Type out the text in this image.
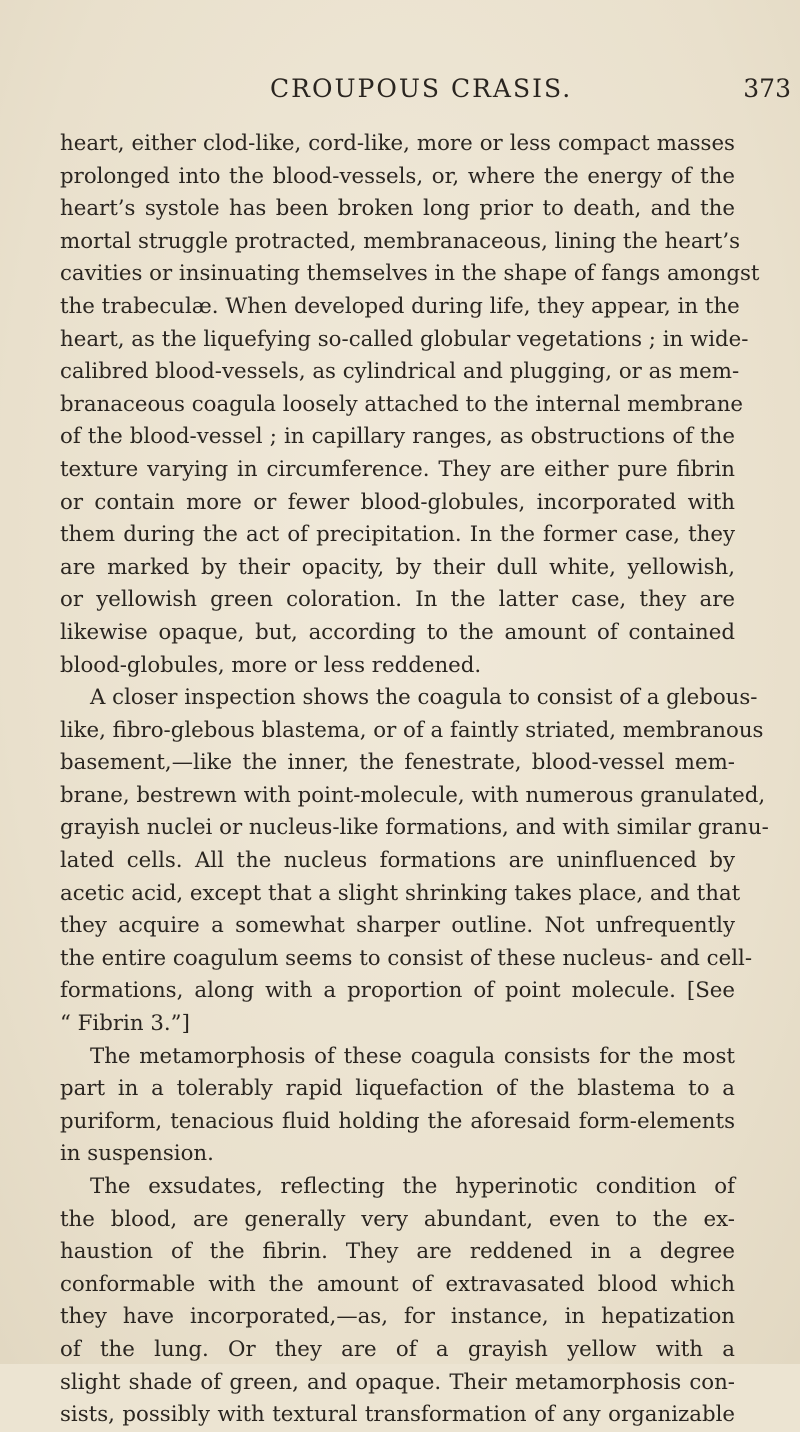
CROUPOUS CRASIS.	373
heart, either clod-like, cord-like, more or less compact masses
prolonged into the blood-vessels, or, where the energy of the
heart’s systole has been broken long prior to death, and the
mortal struggle protracted, membranaceous, lining the heart’s
cavities or insinuating themselves in the shape of fangs amongst
the trabeculæ. When developed during life, they appear, in the
heart, as the liquefying so-called globular vegetations ; in wide-
calibred blood-vessels, as cylindrical and plugging, or as mem-
branaceous coagula loosely attached to the internal membrane
of the blood-vessel ; in capillary ranges, as obstructions of the
texture varying in circumference. They are either pure fibrin
or contain more or fewer blood-globules, incorporated with
them during the act of precipitation. In the former case, they
are marked by their opacity, by their dull white, yellowish,
or yellowish green coloration. In the latter case, they are
likewise opaque, but, according to the amount of contained
blood-globules, more or less reddened.
A closer inspection shows the coagula to consist of a glebous-
like, fibro-glebous blastema, or of a faintly striated, membranous
basement,—like the inner, the fenestrate, blood-vessel mem-
brane, bestrewn with point-molecule, with numerous granulated,
grayish nuclei or nucleus-like formations, and with similar granu-
lated cells. All the nucleus formations are uninfluenced by
acetic acid, except that a slight shrinking takes place, and that
they acquire a somewhat sharper outline. Not unfrequently
the entire coagulum seems to consist of these nucleus- and cell-
formations, along with a proportion of point molecule. [See
“ Fibrin 3.”]
The metamorphosis of these coagula consists for the most
part in a tolerably rapid liquefaction of the blastema to a
puriform, tenacious fluid holding the aforesaid form-elements
in suspension.
The exsudates, reflecting the hyperinotic condition of
the blood, are generally very abundant, even to the ex-
haustion of the fibrin. They are reddened in a degree
conformable with the amount of extravasated blood which
they have incorporated,—as, for instance, in hepatization
of the lung. Or they are of a grayish yellow with a
slight shade of green, and opaque. Their metamorphosis con-
sists, possibly with textural transformation of any organizable
